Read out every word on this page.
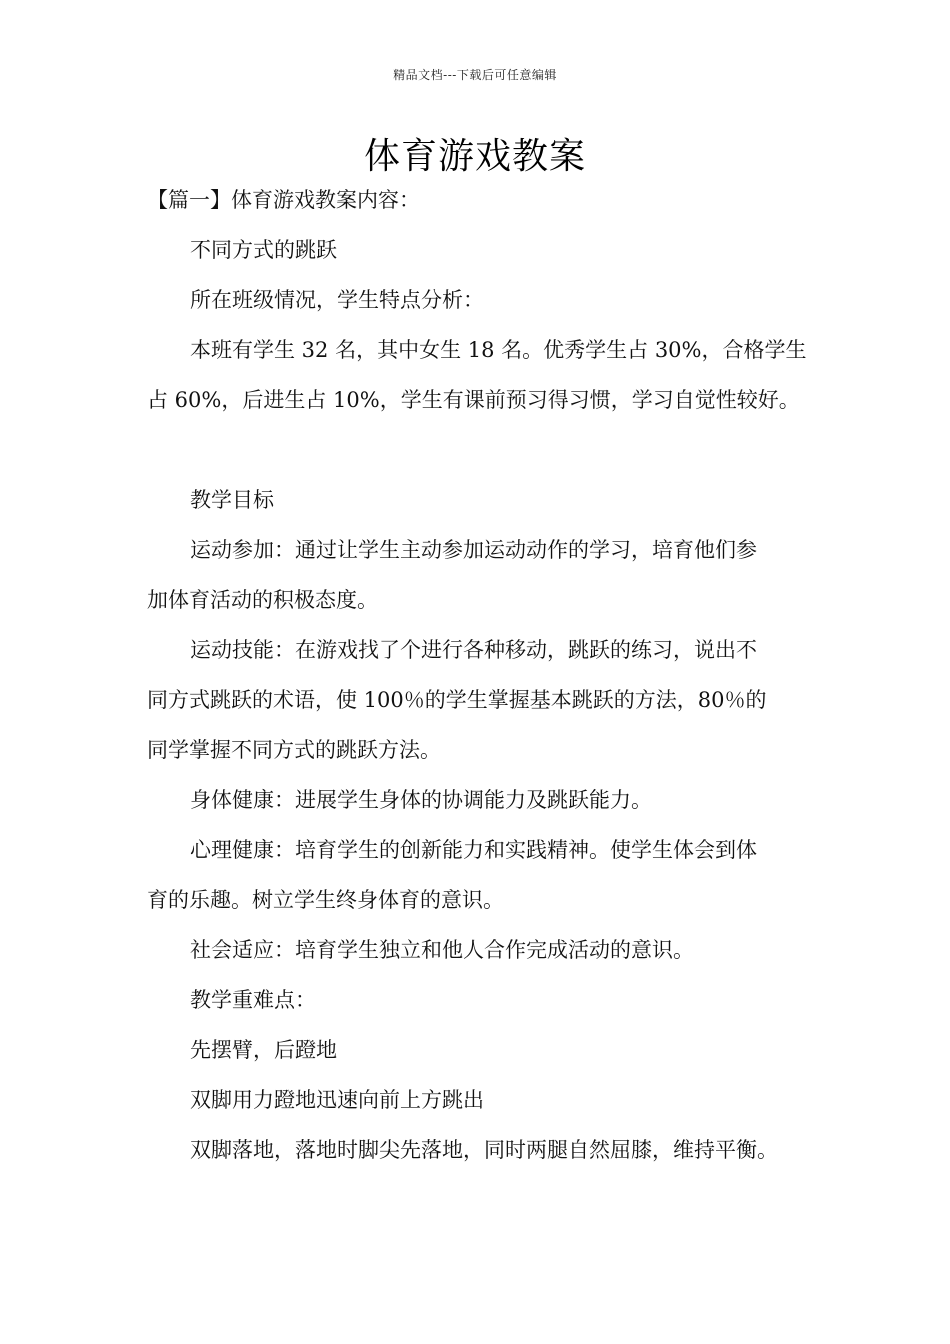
精品文档---下载后可任意编辑
体育游戏教案
【篇一】体育游戏教案内容：
不同方式的跳跃
所在班级情况，学生特点分析：
本班有学生 32 名，其中女生 18 名。优秀学生占 30%，合格学生
占 60%，后进生占 10%，学生有课前预习得习惯，学习自觉性较好。
教学目标
运动参加：通过让学生主动参加运动动作的学习，培育他们参
加体育活动的积极态度。
运动技能：在游戏找了个进行各种移动，跳跃的练习，说出不
同方式跳跃的术语，使 100％的学生掌握基本跳跃的方法，80％的
同学掌握不同方式的跳跃方法。
身体健康：进展学生身体的协调能力及跳跃能力。
心理健康：培育学生的创新能力和实践精神。使学生体会到体
育的乐趣。树立学生终身体育的意识。
社会适应：培育学生独立和他人合作完成活动的意识。
教学重难点：
先摆臂，后蹬地
双脚用力蹬地迅速向前上方跳出
双脚落地，落地时脚尖先落地，同时两腿自然屈膝，维持平衡。
